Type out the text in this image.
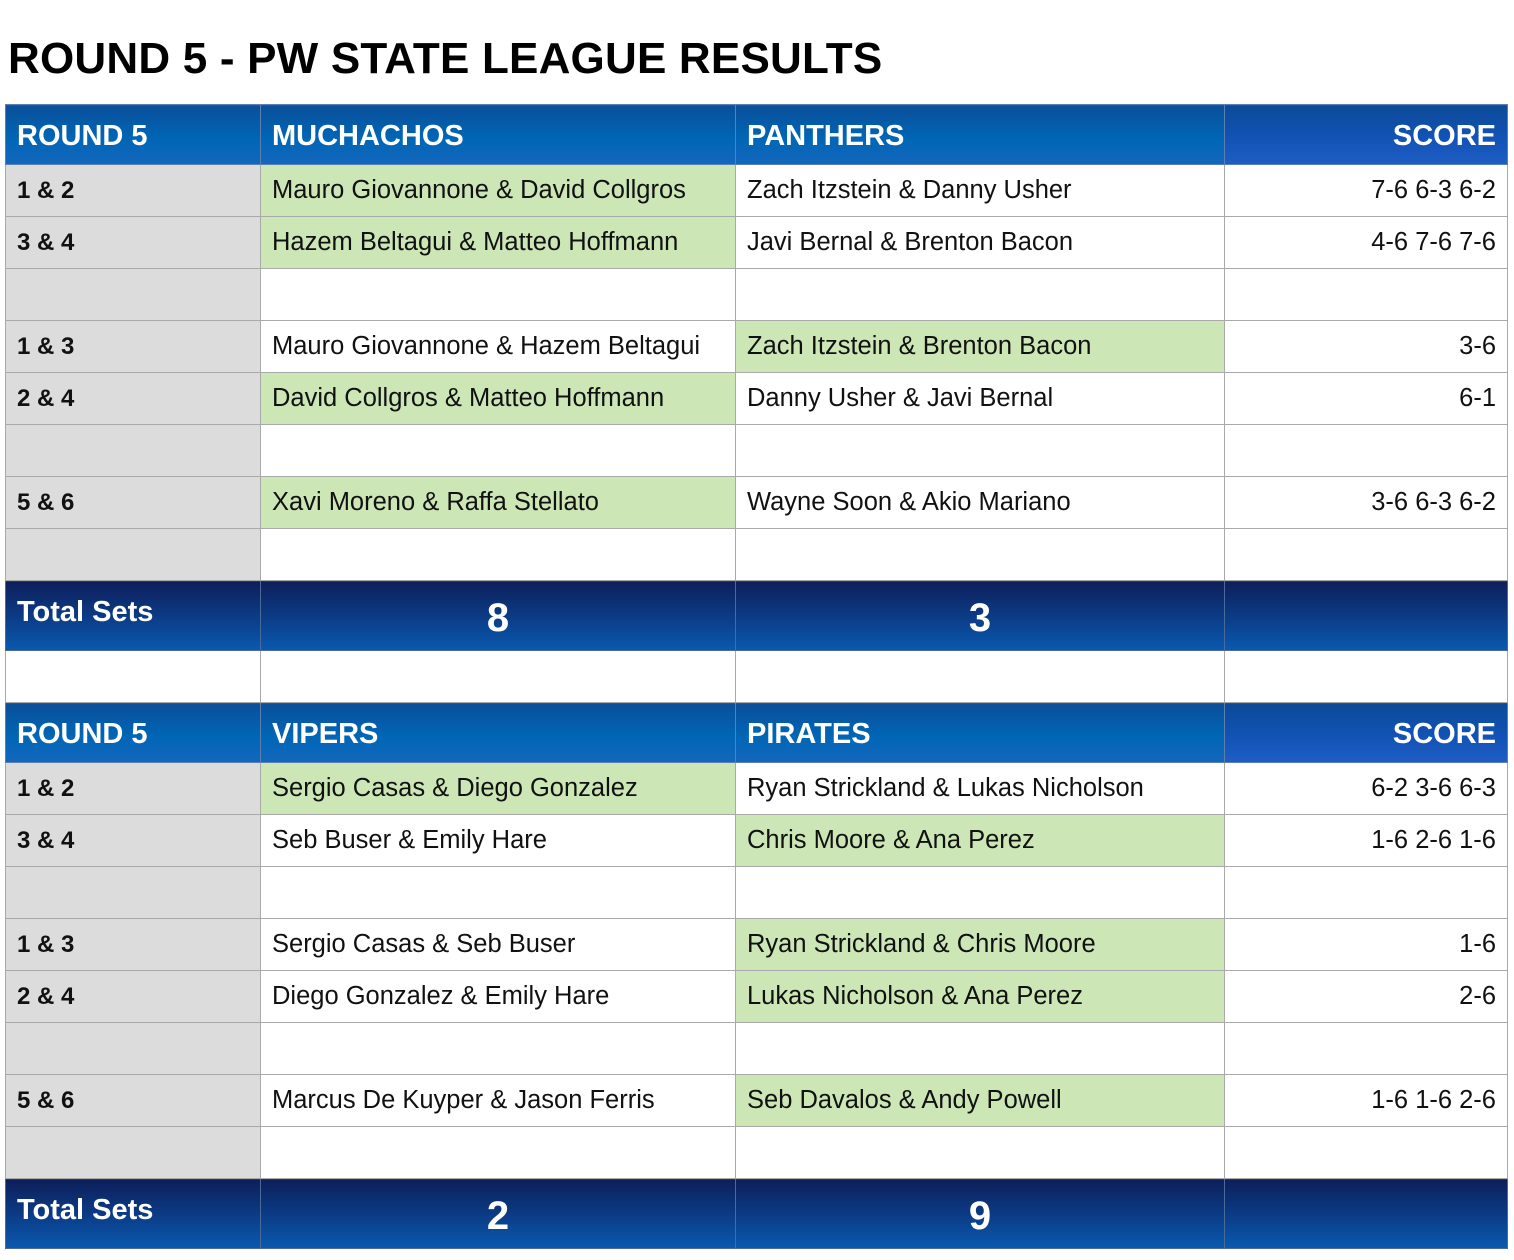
ROUND 5 - PW STATE LEAGUE RESULTS
ROUND 5	MUCHACHOS	PANTHERS	SCORE
1 & 2	Mauro Giovannone & David Collgros	Zach Itzstein & Danny Usher	7-6 6-3 6-2
3 & 4	Hazem Beltagui & Matteo Hoffmann	Javi Bernal & Brenton Bacon	4-6 7-6 7-6

1 & 3	Mauro Giovannone & Hazem Beltagui	Zach Itzstein & Brenton Bacon	3-6
2 & 4	David Collgros & Matteo Hoffmann	Danny Usher & Javi Bernal	6-1

5 & 6	Xavi Moreno & Raffa Stellato	Wayne Soon & Akio Mariano	3-6 6-3 6-2

Total Sets	8	3	

ROUND 5	VIPERS	PIRATES	SCORE
1 & 2	Sergio Casas & Diego Gonzalez	Ryan Strickland & Lukas Nicholson	6-2 3-6 6-3
3 & 4	Seb Buser & Emily Hare	Chris Moore & Ana Perez	1-6 2-6 1-6

1 & 3	Sergio Casas & Seb Buser	Ryan Strickland & Chris Moore	1-6
2 & 4	Diego Gonzalez & Emily Hare	Lukas Nicholson & Ana Perez	2-6

5 & 6	Marcus De Kuyper & Jason Ferris	Seb Davalos & Andy Powell	1-6 1-6 2-6

Total Sets	2	9	
